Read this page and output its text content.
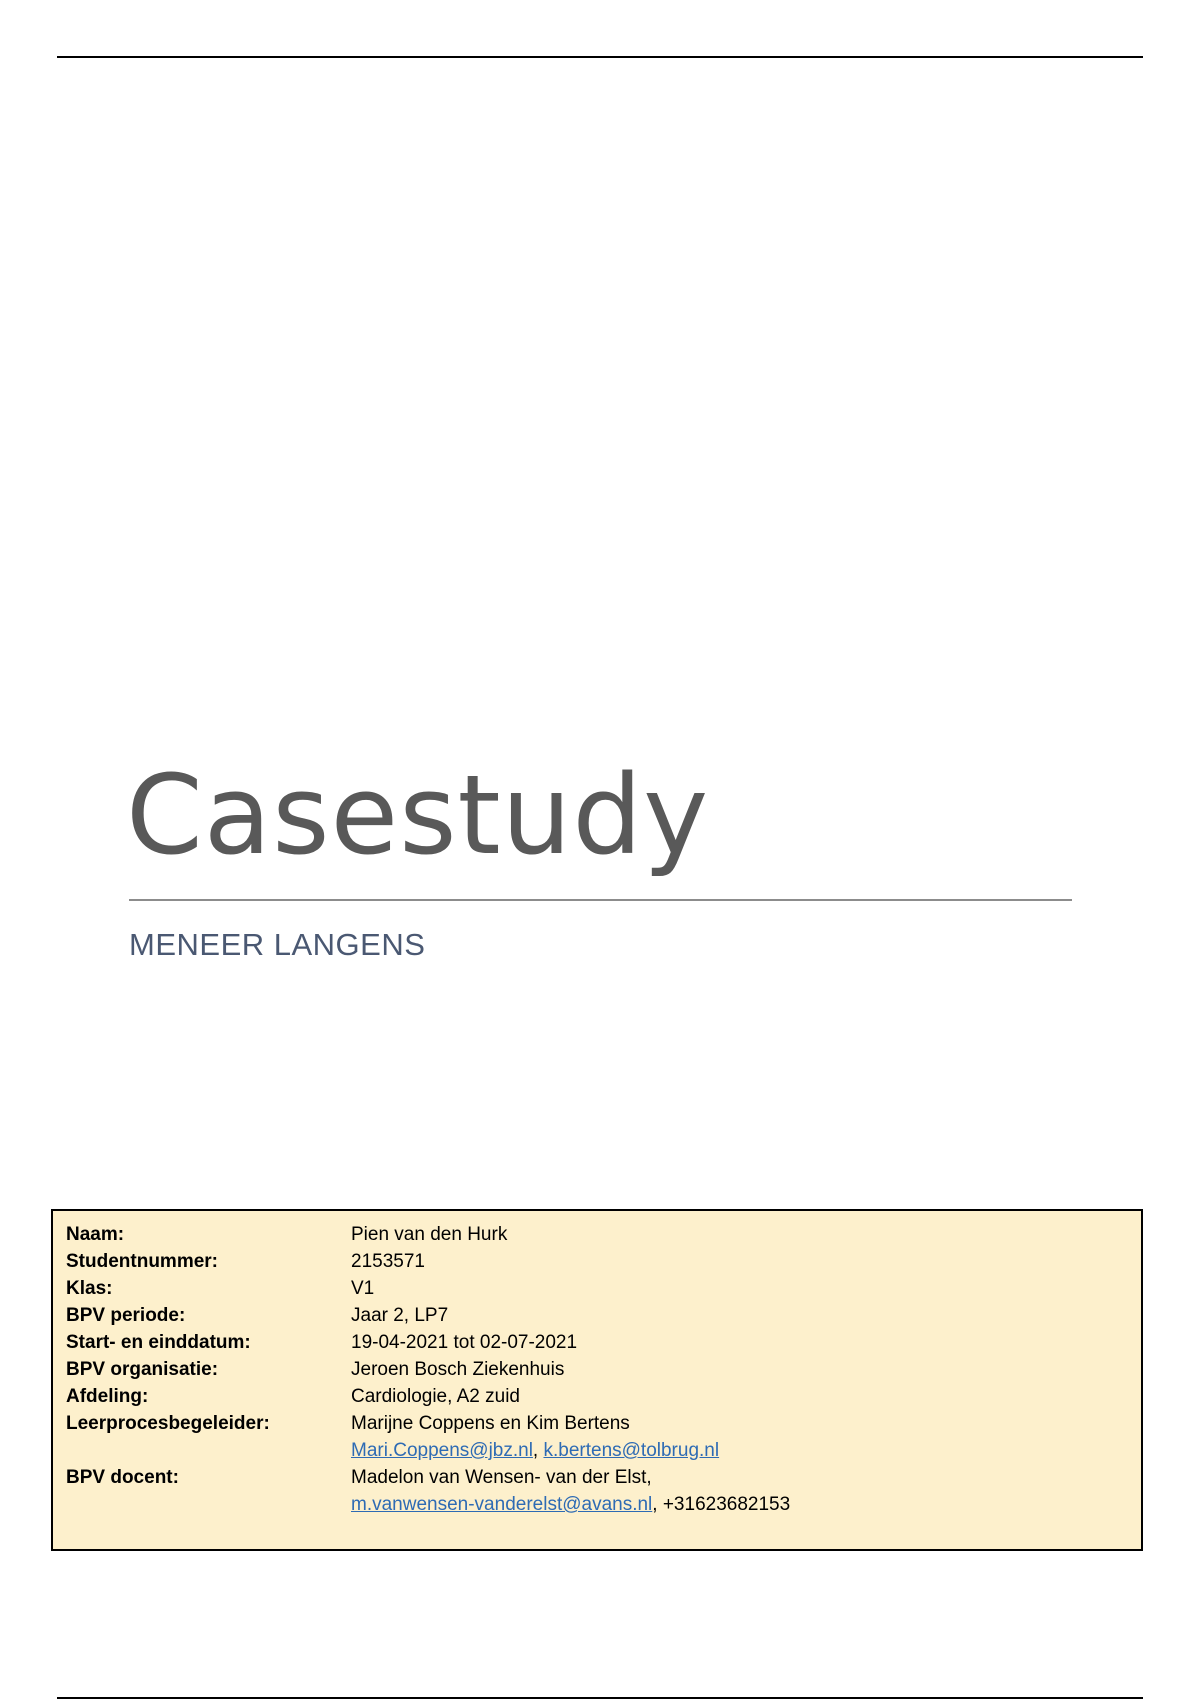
Casestudy
MENEER LANGENS
Naam:	Pien van den Hurk
Studentnummer:	2153571
Klas:	V1
BPV periode:	Jaar 2, LP7
Start- en einddatum:	19-04-2021 tot 02-07-2021
BPV organisatie:	Jeroen Bosch Ziekenhuis
Afdeling:	Cardiologie, A2 zuid
Leerprocesbegeleider:	Marijne Coppens en Kim Bertens
Mari.Coppens@jbz.nl, k.bertens@tolbrug.nl
BPV docent:	Madelon van Wensen- van der Elst,
m.vanwensen-vanderelst@avans.nl, +31623682153
